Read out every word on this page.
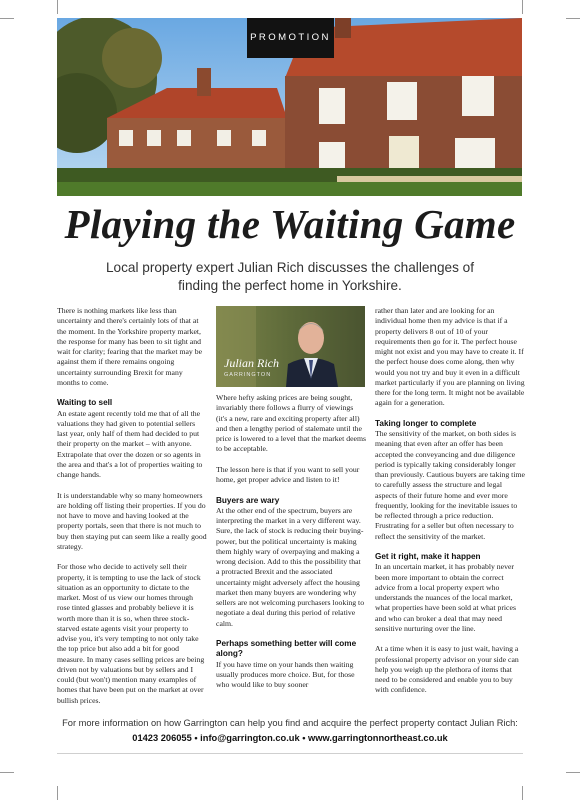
PROMOTION
Playing the Waiting Game
Local property expert Julian Rich discusses the challenges of finding the perfect home in Yorkshire.

There is nothing markets like less than uncertainty and there's certainly lots of that at the moment. In the Yorkshire property market, the response for many has been to sit tight and wait for clarity; fearing that the market may be against them if there remains ongoing uncertainty surrounding Brexit for many months to come.

Waiting to sell

An estate agent recently told me that of all the valuations they had given to potential sellers last year, only half of them had decided to put their property on the market – with anyone. Extrapolate that over the dozen or so agents in the area and that's a lot of properties waiting to change hands.

It is understandable why so many homeowners are holding off listing their properties. If you do not have to move and having looked at the property portals, seen that there is not much to buy then staying put can seem like a really good strategy.

For those who decide to actively sell their property, it is tempting to use the lack of stock situation as an opportunity to dictate to the market. Most of us view our homes through rose tinted glasses and probably believe it is worth more than it is so, when three stock-starved estate agents visit your property to advise you, it's very tempting to not only take the top price but also add a bit for good measure. In many cases selling prices are being driven not by valuations but by sellers and I could (but won't) mention many examples of homes that have been put on the market at over bullish prices.

Julian Rich
GARRINGTON

Where hefty asking prices are being sought, invariably there follows a flurry of viewings (it's a new, rare and exciting property after all) and then a lengthy period of stalemate until the price is lowered to a level that the market deems to be acceptable.

The lesson here is that if you want to sell your home, get proper advice and listen to it!

Buyers are wary

At the other end of the spectrum, buyers are interpreting the market in a very different way. Sure, the lack of stock is reducing their buying-power, but the political uncertainty is making them highly wary of overpaying and making a wrong decision. Add to this the possibility that a protracted Brexit and the associated uncertainty might adversely affect the housing market then many buyers are wondering why sellers are not welcoming purchasers looking to negotiate a deal during this period of relative calm.

Perhaps something better will come along?

If you have time on your hands then waiting usually produces more choice. But, for those who would like to buy sooner

rather than later and are looking for an individual home then my advice is that if a property delivers 8 out of 10 of your requirements then go for it. The perfect house might not exist and you may have to create it. If the perfect house does come along, then why would you not try and buy it even in a difficult market particularly if you are planning on living there for the long term. It might not be available again for a generation.

Taking longer to complete

The sensitivity of the market, on both sides is meaning that even after an offer has been accepted the conveyancing and due diligence period is typically taking considerably longer than previously. Cautious buyers are taking time to carefully assess the structure and legal aspects of their future home and ever more frequently, looking for the inevitable issues to be reflected through a price reduction. Frustrating for a seller but often necessary to reflect the sensitivity of the market.

Get it right, make it happen

In an uncertain market, it has probably never been more important to obtain the correct advice from a local property expert who understands the nuances of the local market, what properties have been sold at what prices and who can broker a deal that may need sensitive nurturing over the line.

At a time when it is easy to just wait, having a professional property advisor on your side can help you weigh up the plethora of items that need to be considered and enable you to buy with confidence.

For more information on how Garrington can help you find and acquire the perfect property contact Julian Rich:
01423 206055 • info@garrington.co.uk • www.garringtonnortheast.co.uk
